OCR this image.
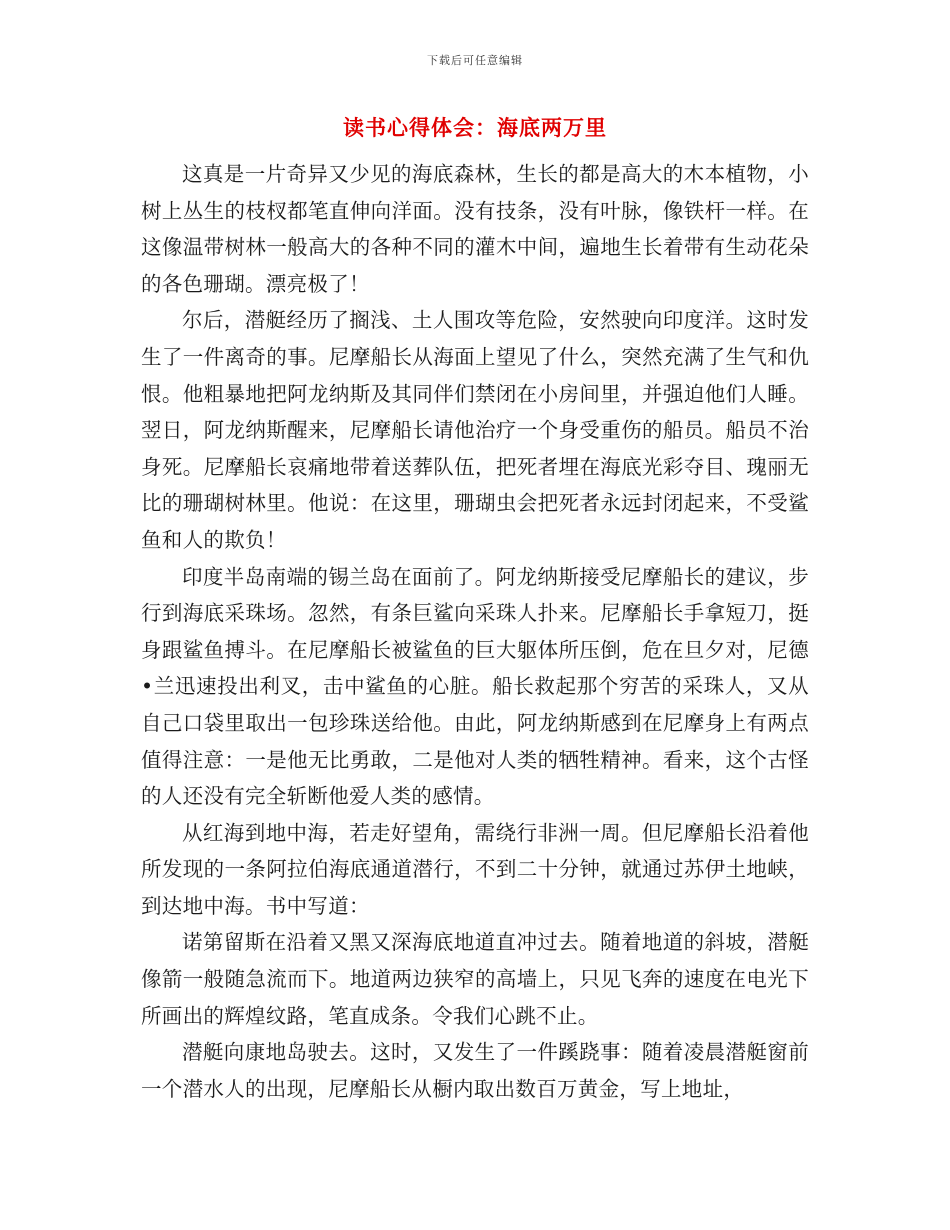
下载后可任意编辑
读书心得体会：海底两万里

这真是一片奇异又少见的海底森林，生长的都是高大的木本植物，小树上丛生的枝杈都笔直伸向洋面。没有技条，没有叶脉，像铁杆一样。在这像温带树林一般高大的各种不同的灌木中间，遍地生长着带有生动花朵的各色珊瑚。漂亮极了！

尔后，潜艇经历了搁浅、土人围攻等危险，安然驶向印度洋。这时发生了一件离奇的事。尼摩船长从海面上望见了什么，突然充满了生气和仇恨。他粗暴地把阿龙纳斯及其同伴们禁闭在小房间里，并强迫他们人睡。翌日，阿龙纳斯醒来，尼摩船长请他治疗一个身受重伤的船员。船员不治身死。尼摩船长哀痛地带着送葬队伍，把死者埋在海底光彩夺目、瑰丽无比的珊瑚树林里。他说：在这里，珊瑚虫会把死者永远封闭起来，不受鲨鱼和人的欺负！

印度半岛南端的锡兰岛在面前了。阿龙纳斯接受尼摩船长的建议，步行到海底采珠场。忽然，有条巨鲨向采珠人扑来。尼摩船长手拿短刀，挺身跟鲨鱼搏斗。在尼摩船长被鲨鱼的巨大躯体所压倒，危在旦夕对，尼德•兰迅速投出利叉，击中鲨鱼的心脏。船长救起那个穷苦的采珠人，又从自己口袋里取出一包珍珠送给他。由此，阿龙纳斯感到在尼摩身上有两点值得注意：一是他无比勇敢，二是他对人类的牺牲精神。看来，这个古怪的人还没有完全斩断他爱人类的感情。

从红海到地中海，若走好望角，需绕行非洲一周。但尼摩船长沿着他所发现的一条阿拉伯海底通道潜行，不到二十分钟，就通过苏伊土地峡，到达地中海。书中写道：

诺第留斯在沿着又黑又深海底地道直冲过去。随着地道的斜坡，潜艇像箭一般随急流而下。地道两边狭窄的高墙上，只见飞奔的速度在电光下所画出的辉煌纹路，笔直成条。令我们心跳不止。

潜艇向康地岛驶去。这时，又发生了一件蹊跷事：随着凌晨潜艇窗前一个潜水人的出现，尼摩船长从橱内取出数百万黄金，写上地址，
